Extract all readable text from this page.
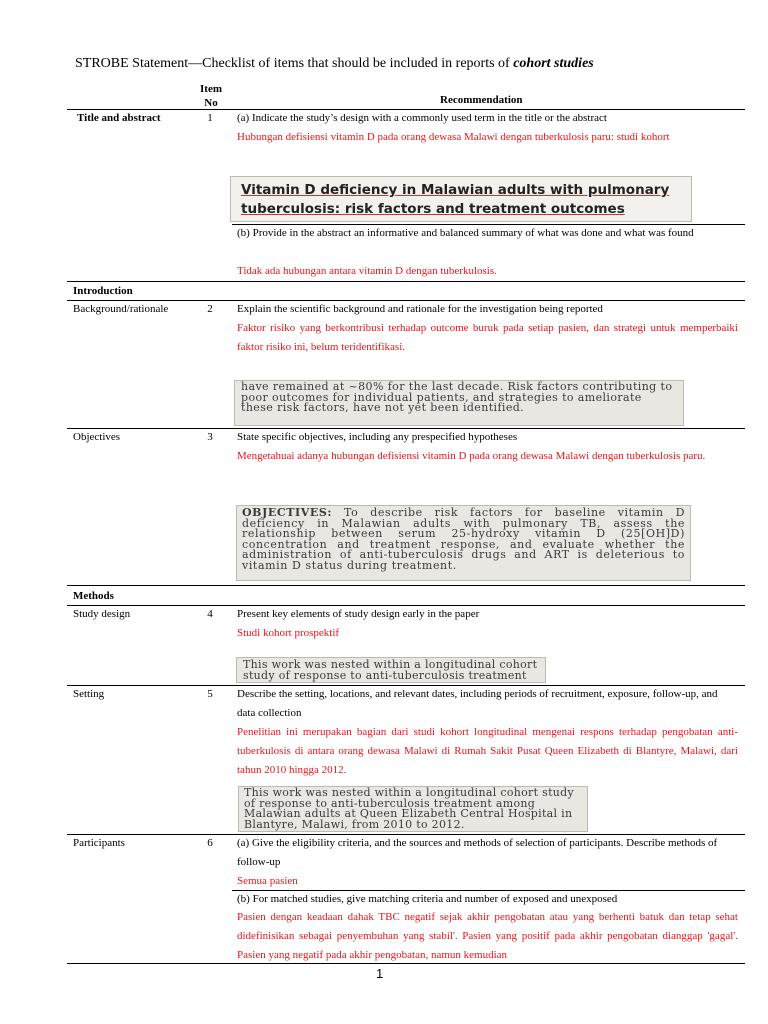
STROBE Statement—Checklist of items that should be included in reports of cohort studies
Item No	Recommendation
Title and abstract	1	(a) Indicate the study’s design with a commonly used term in the title or the abstract
Hubungan defisiensi vitamin D pada orang dewasa Malawi dengan tuberkulosis paru: studi kohort
Vitamin D deficiency in Malawian adults with pulmonary tuberculosis: risk factors and treatment outcomes
(b) Provide in the abstract an informative and balanced summary of what was done and what was found
Tidak ada hubungan antara vitamin D dengan tuberkulosis.
Introduction
Background/rationale	2	Explain the scientific background and rationale for the investigation being reported
Faktor risiko yang berkontribusi terhadap outcome buruk pada setiap pasien, dan strategi untuk memperbaiki faktor risiko ini, belum teridentifikasi.
have remained at ~80% for the last decade. Risk factors contributing to poor outcomes for individual patients, and strategies to ameliorate these risk factors, have not yet been identified.
Objectives	3	State specific objectives, including any prespecified hypotheses
Mengetahuai adanya hubungan defisiensi vitamin D pada orang dewasa Malawi dengan tuberkulosis paru.
OBJECTIVES: To describe risk factors for baseline vitamin D deficiency in Malawian adults with pulmonary TB, assess the relationship between serum 25-hydroxy vitamin D (25[OH]D) concentration and treatment response, and evaluate whether the administration of anti-tuberculosis drugs and ART is deleterious to vitamin D status during treatment.
Methods
Study design	4	Present key elements of study design early in the paper
Studi kohort prospektif
This work was nested within a longitudinal cohort study of response to anti-tuberculosis treatment
Setting	5	Describe the setting, locations, and relevant dates, including periods of recruitment, exposure, follow-up, and data collection
Penelitian ini merupakan bagian dari studi kohort longitudinal mengenai respons terhadap pengobatan anti-tuberkulosis di antara orang dewasa Malawi di Rumah Sakit Pusat Queen Elizabeth di Blantyre, Malawi, dari tahun 2010 hingga 2012.
This work was nested within a longitudinal cohort study of response to anti-tuberculosis treatment among Malawian adults at Queen Elizabeth Central Hospital in Blantyre, Malawi, from 2010 to 2012.
Participants	6	(a) Give the eligibility criteria, and the sources and methods of selection of participants. Describe methods of follow-up
Semua pasien
(b) For matched studies, give matching criteria and number of exposed and unexposed
Pasien dengan keadaan dahak TBC negatif sejak akhir pengobatan atau yang berhenti batuk dan tetap sehat didefinisikan sebagai penyembuhan yang stabil'. Pasien yang positif pada akhir pengobatan dianggap 'gagal'. Pasien yang negatif pada akhir pengobatan, namun kemudian
1
